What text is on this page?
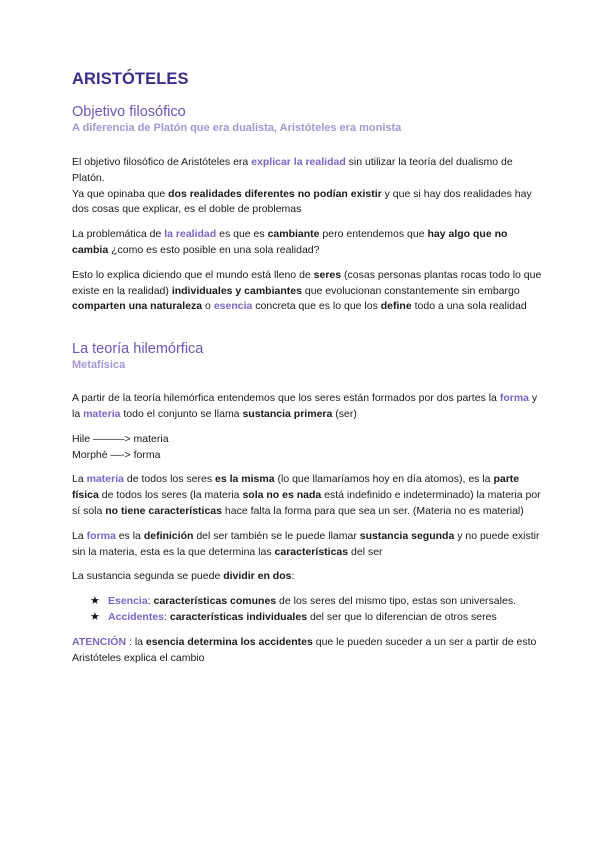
ARISTÓTELES
Objetivo filosófico
A diferencia de Platón que era dualista, Aristóteles era monista
El objetivo filosófico de Aristóteles era explicar la realidad sin utilizar la teoría del dualismo de Platón.
Ya que opinaba que dos realidades diferentes no podían existir y que si hay dos realidades hay dos cosas que explicar, es el doble de problemas
La problemática de la realidad es que es cambiante pero entendemos que hay algo que no cambia ¿como es esto posible en una sola realidad?
Esto lo explica diciendo que el mundo está lleno de seres (cosas personas plantas rocas todo lo que existe en la realidad) individuales y cambiantes que evolucionan constantemente sin embargo comparten una naturaleza o esencia concreta que es lo que los define todo a una sola realidad
La teoría hilemórfica
Metafísica
A partir de la teoría hilemórfica entendemos que los seres están formados por dos partes la forma y la materia todo el conjunto se llama sustancia primera (ser)
Hile ———> materia
Morphè —-> forma
La materia de todos los seres es la misma (lo que llamaríamos hoy en día atomos), es la parte física de todos los seres (la materia sola no es nada está indefinido e indeterminado) la materia por sí sola no tiene características hace falta la forma para que sea un ser. (Materia no es material)
La forma es la definición del ser también se le puede llamar sustancia segunda y no puede existir sin la materia, esta es la que determina las características del ser
La sustancia segunda se puede dividir en dos:
★ Esencia: características comunes de los seres del mismo tipo, estas son universales.
★ Accidentes: características individuales del ser que lo diferencian de otros seres
ATENCIÓN : la esencia determina los accidentes que le pueden suceder a un ser a partir de esto Aristóteles explica el cambio
